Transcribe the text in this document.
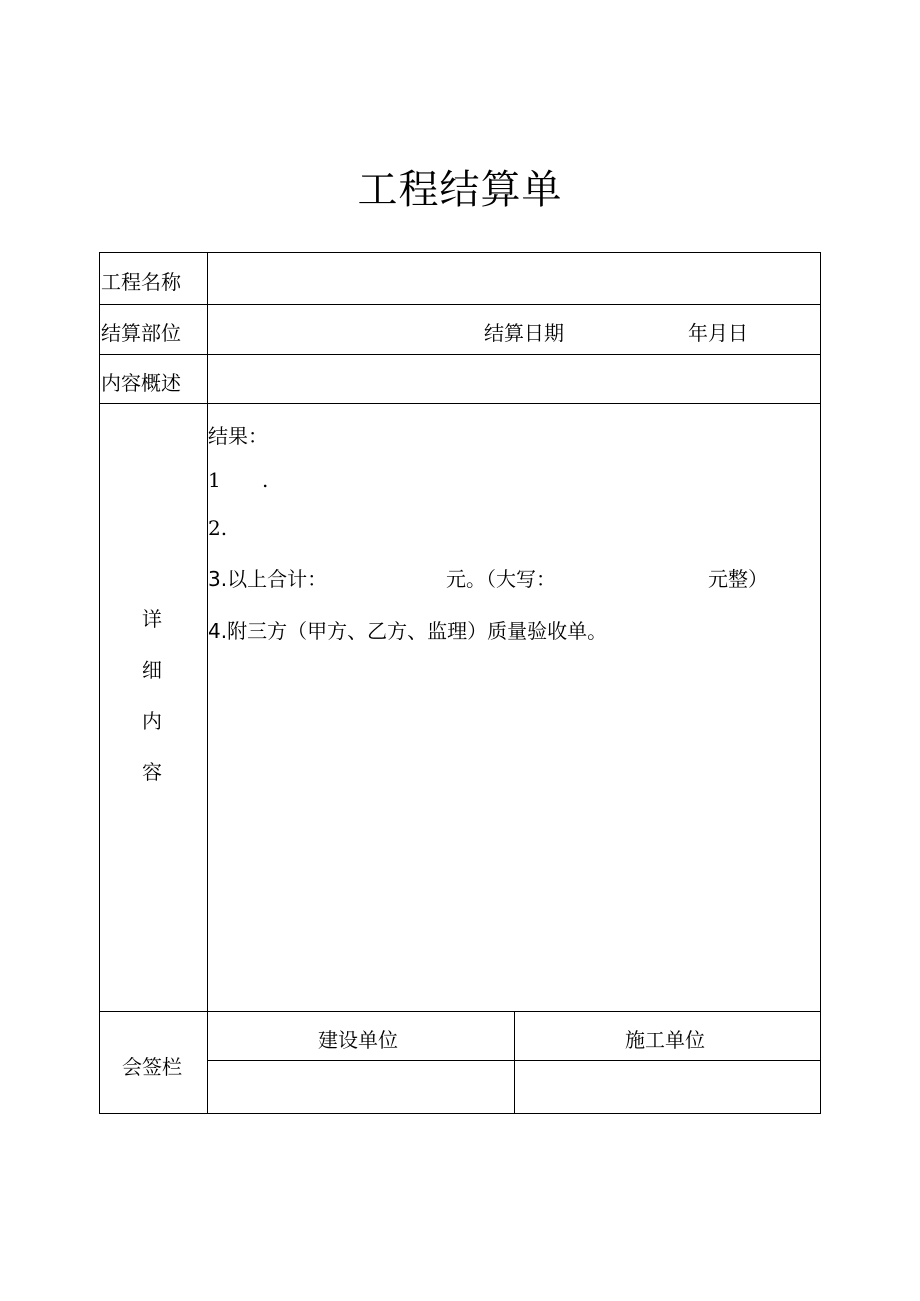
工程结算单
工程名称
结算部位	结算日期	年月日
内容概述
详
细
内
容
结果：
1 .
2.
3.以上合计：	元。（大写：	元整）
4.附三方（甲方、乙方、监理）质量验收单。
会签栏
建设单位	施工单位
